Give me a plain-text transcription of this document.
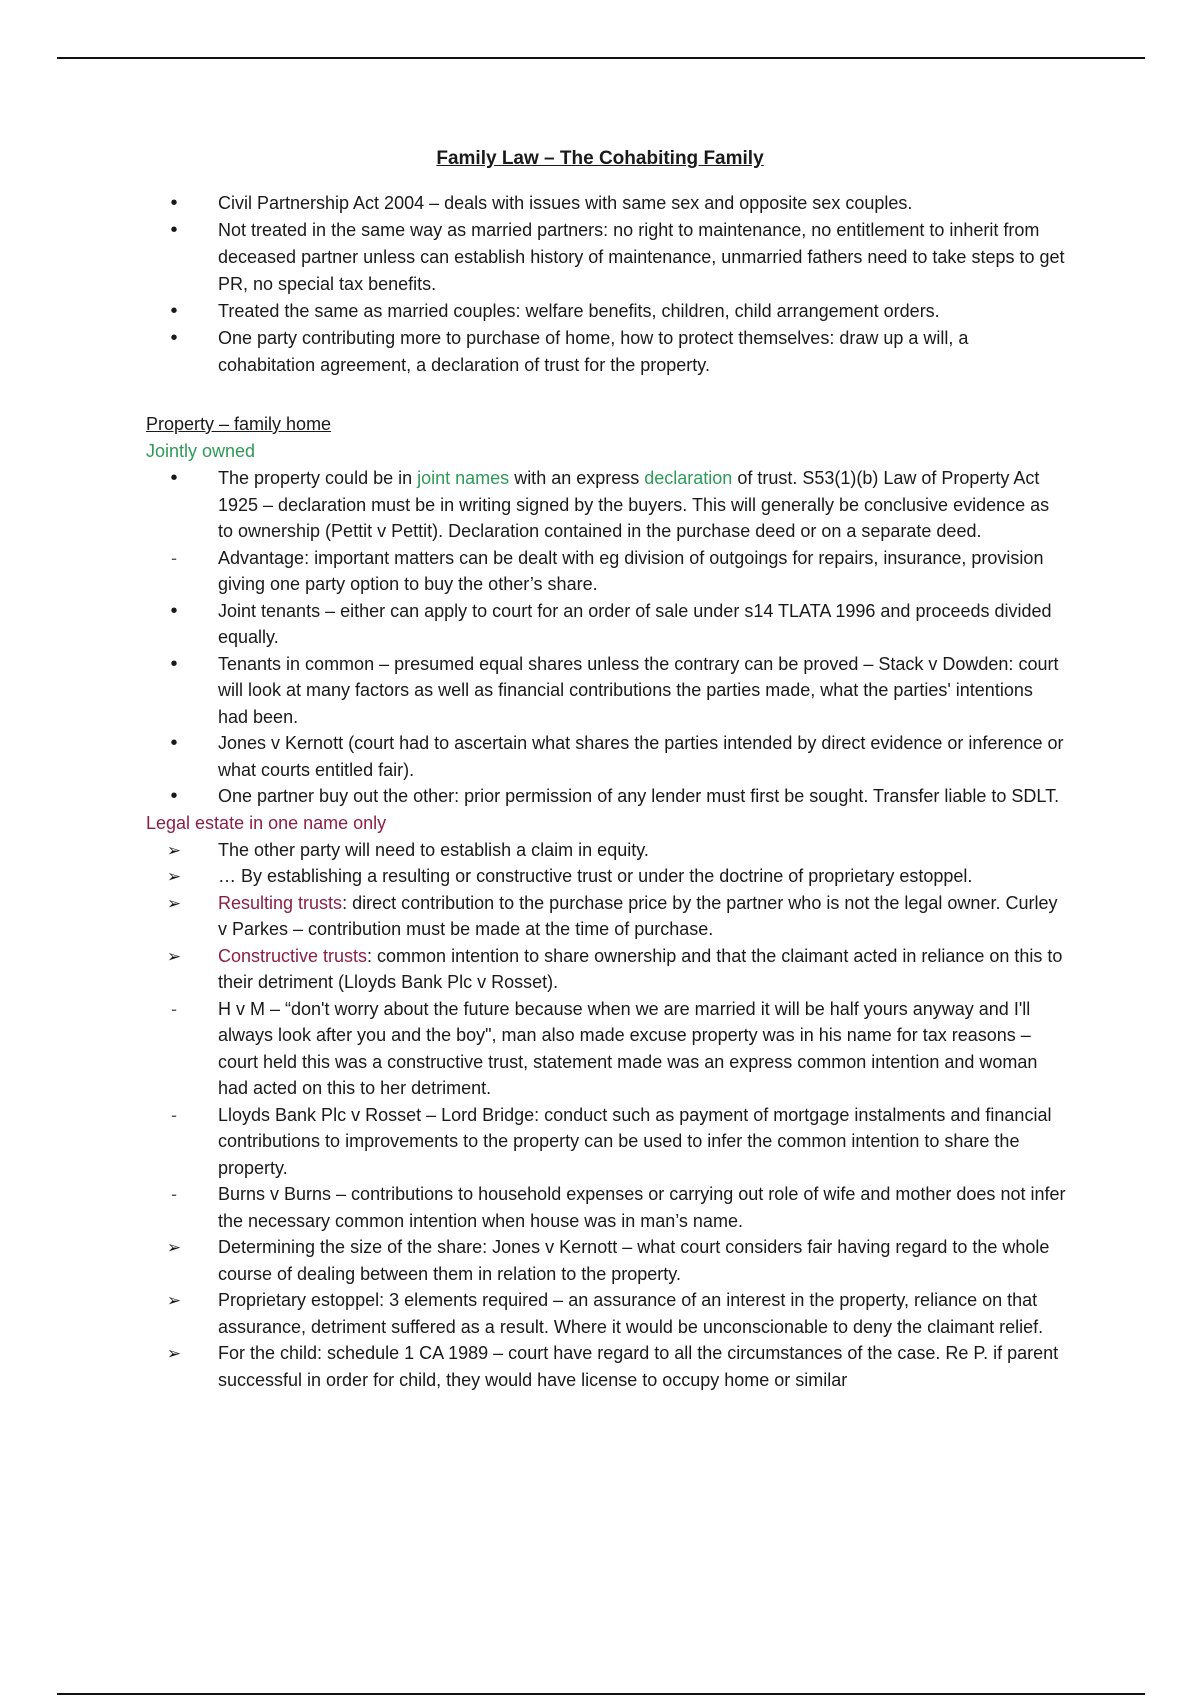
Family Law – The Cohabiting Family
•
Civil Partnership Act 2004 – deals with issues with same sex and opposite sex couples.
•
Not treated in the same way as married partners: no right to maintenance, no entitlement to inherit from deceased partner unless can establish history of maintenance, unmarried fathers need to take steps to get PR, no special tax benefits.
•
Treated the same as married couples: welfare benefits, children, child arrangement orders.
•
One party contributing more to purchase of home, how to protect themselves: draw up a will, a cohabitation agreement, a declaration of trust for the property.
Property – family home
Jointly owned
•
The property could be in joint names with an express declaration of trust. S53(1)(b) Law of Property Act 1925 – declaration must be in writing signed by the buyers. This will generally be conclusive evidence as to ownership (Pettit v Pettit). Declaration contained in the purchase deed or on a separate deed.
-
Advantage: important matters can be dealt with eg division of outgoings for repairs, insurance, provision giving one party option to buy the other’s share.
•
Joint tenants – either can apply to court for an order of sale under s14 TLATA 1996 and proceeds divided equally.
•
Tenants in common – presumed equal shares unless the contrary can be proved – Stack v Dowden: court will look at many factors as well as financial contributions the parties made, what the parties' intentions had been.
•
Jones v Kernott (court had to ascertain what shares the parties intended by direct evidence or inference or what courts entitled fair).
•
One partner buy out the other: prior permission of any lender must first be sought. Transfer liable to SDLT.
Legal estate in one name only
➢
The other party will need to establish a claim in equity.
➢
… By establishing a resulting or constructive trust or under the doctrine of proprietary estoppel.
➢
Resulting trusts: direct contribution to the purchase price by the partner who is not the legal owner. Curley v Parkes – contribution must be made at the time of purchase.
➢
Constructive trusts: common intention to share ownership and that the claimant acted in reliance on this to their detriment (Lloyds Bank Plc v Rosset).
-
H v M – “don't worry about the future because when we are married it will be half yours anyway and I'll always look after you and the boy", man also made excuse property was in his name for tax reasons – court held this was a constructive trust, statement made was an express common intention and woman had acted on this to her detriment.
-
Lloyds Bank Plc v Rosset – Lord Bridge: conduct such as payment of mortgage instalments and financial contributions to improvements to the property can be used to infer the common intention to share the property.
-
Burns v Burns – contributions to household expenses or carrying out role of wife and mother does not infer the necessary common intention when house was in man’s name.
➢
Determining the size of the share: Jones v Kernott – what court considers fair having regard to the whole course of dealing between them in relation to the property.
➢
Proprietary estoppel: 3 elements required – an assurance of an interest in the property, reliance on that assurance, detriment suffered as a result. Where it would be unconscionable to deny the claimant relief.
➢
For the child: schedule 1 CA 1989 – court have regard to all the circumstances of the case. Re P. if parent successful in order for child, they would have license to occupy home or similar
